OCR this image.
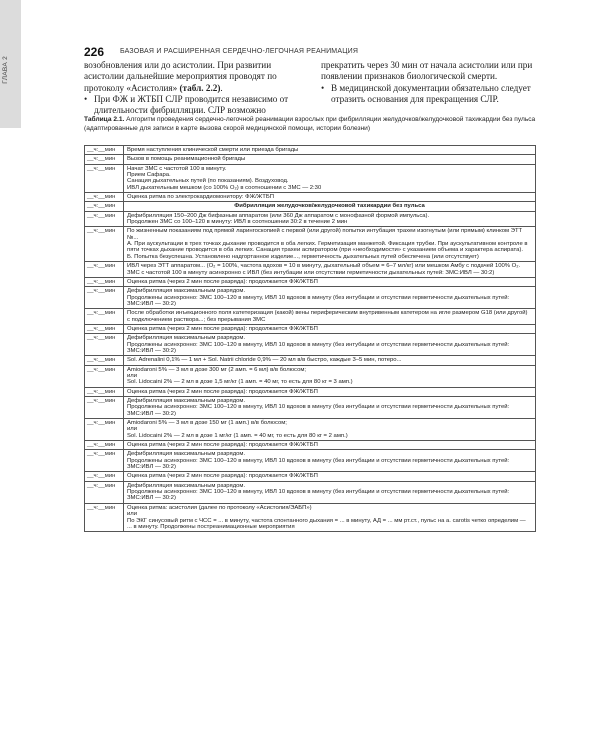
ГЛАВА 2
226 БАЗОВАЯ И РАСШИРЕННАЯ СЕРДЕЧНО-ЛЕГОЧНАЯ РЕАНИМАЦИЯ

возобновления или до асистолии. При развитии асистолии дальнейшие мероприятия проводят по протоколу «Асистолия» (табл. 2.2).

• При ФЖ и ЖТБП СЛР проводится независимо от длительности фибрилляции. СЛР возможно

прекратить через 30 мин от начала асистолии или при появлении признаков биологической смерти.

• В медицинской документации обязательно следует отразить основания для прекращения СЛР.

Таблица 2.1. Алгоритм проведения сердечно-легочной реанимации взрослых при фибрилляции желудочков/желудочковой тахикардии без пульса (адаптированные для записи в карте вызова скорой медицинской помощи, истории болезни)
__ч:__мин	Время наступления клинической смерти или приезда бригады

__ч:__мин	Вызов в помощь реанимационной бригады

__ч:__мин	Начат ЗМС с частотой 100 в минуту.
Прием Сафара.
Санация дыхательных путей (по показаниям). Воздуховод.
ИВЛ дыхательным мешком (со 100% O₂) в соотношении с ЗМС — 2:30

__ч:__мин	Оценка ритма по электрокардиомонитору: ФЖ/ЖТБП

__ч:__мин	Фибрилляция желудочков/желудочковой тахикардии без пульса

__ч:__мин	Дефибрилляция 150–200 Дж бифазным аппаратом (или 360 Дж аппаратом с монофазной формой импульса).
Продолжен ЗМС со 100–120 в минуту: ИВЛ в соотношении 30:2 в течение 2 мин

__ч:__мин	По жизненным показаниям под прямой ларингоскопией с первой (или другой) попытки интубация трахеи изогнутым (или прямым) клинком ЭТТ №...
А. При аускультации в трех точках дыхание проводится в оба легких. Герметизация манжетой. Фиксация трубки. При аускультативном контроле в пяти точках дыхание проводится в оба легких. Санация трахеи аспиратором (при «необходимости» с указанием объема и характера аспирата).
Б. Попытка безуспешна. Установлено надгортанное изделие..., герметичность дыхательных путей обеспечена (или отсутствует)

__ч:__мин	ИВЛ через ЭТТ аппаратом... (O₂ = 100%, частота вдохов = 10 в минуту, дыхательный объем = 6–7 мл/кг) или мешком Амбу с подачей 100% O₂.
ЗМС с частотой 100 в минуту асинхронно с ИВЛ (без интубации или отсутствии герметичности дыхательных путей: ЗМС:ИВЛ — 30:2)

__ч:__мин	Оценка ритма (через 2 мин после разряда): продолжается ФЖ/ЖТБП

__ч:__мин	Дефибрилляция максимальным разрядом.
Продолжены асинхронно: ЗМС 100–120 в минуту, ИВЛ 10 вдохов в минуту (без интубации и отсутствии герметичности дыхательных путей: ЗМС:ИВЛ — 30:2)

__ч:__мин	После обработки инъекционного поля катетеризация (какой) вены периферическим внутривенным катетером на игле размером G18 (или другой) с подключением раствора...; без прерывания ЗМС

__ч:__мин	Оценка ритма (через 2 мин после разряда): продолжается ФЖ/ЖТБП

__ч:__мин	Дефибрилляция максимальным разрядом.
Продолжены асинхронно: ЗМС 100–120 в минуту, ИВЛ 10 вдохов в минуту (без интубации и отсутствии герметичности дыхательных путей: ЗМС:ИВЛ — 30:2)

__ч:__мин	Sol. Adrenalini 0,1% — 1 мл + Sol. Natrii chloride 0,9% — 20 мл в/в быстро, каждые 3–5 мин, потеро...

__ч:__мин	Amiodaroni 5% — 3 мл в дозе 300 мг (2 амп. = 6 мл) в/в болюсом;
или
Sol. Lidocaini 2% — 2 мл в дозе 1,5 мг/кг (1 амп. = 40 мг, то есть для 80 кг = 3 амп.)

__ч:__мин	Оценка ритма (через 2 мин после разряда): продолжается ФЖ/ЖТБП

__ч:__мин	Дефибрилляция максимальным разрядом.
Продолжены асинхронно: ЗМС 100–120 в минуту, ИВЛ 10 вдохов в минуту (без интубации и отсутствии герметичности дыхательных путей: ЗМС:ИВЛ — 30:2)

__ч:__мин	Amiodaroni 5% — 3 мл в дозе 150 мг (1 амп.) в/в болюсом;
или
Sol. Lidocaini 2% — 2 мл в дозе 1 мг/кг (1 амп. = 40 мг, то есть для 80 кг = 2 амп.)

__ч:__мин	Оценка ритма (через 2 мин после разряда): продолжается ФЖ/ЖТБП

__ч:__мин	Дефибрилляция максимальным разрядом.
Продолжены асинхронно: ЗМС 100–120 в минуту, ИВЛ 10 вдохов в минуту (без интубации и отсутствии герметичности дыхательных путей: ЗМС:ИВЛ — 30:2)

__ч:__мин	Оценка ритма (через 2 мин после разряда): продолжается ФЖ/ЖТБП

__ч:__мин	Дефибрилляция максимальным разрядом.
Продолжены асинхронно: ЗМС 100–120 в минуту, ИВЛ 10 вдохов в минуту (без интубации и отсутствии герметичности дыхательных путей: ЗМС:ИВЛ — 30:2)

__ч:__мин	Оценка ритма: асистолия (далее по протоколу «Асистолия/ЭАБП»)
или
По ЭКГ синусовый ритм с ЧСС = ... в минуту, частота спонтанного дыхания = ... в минуту, АД = ... мм рт.ст., пульс на a. carotis четко определим — ... в минуту. Продолжены постреанимационные мероприятия
